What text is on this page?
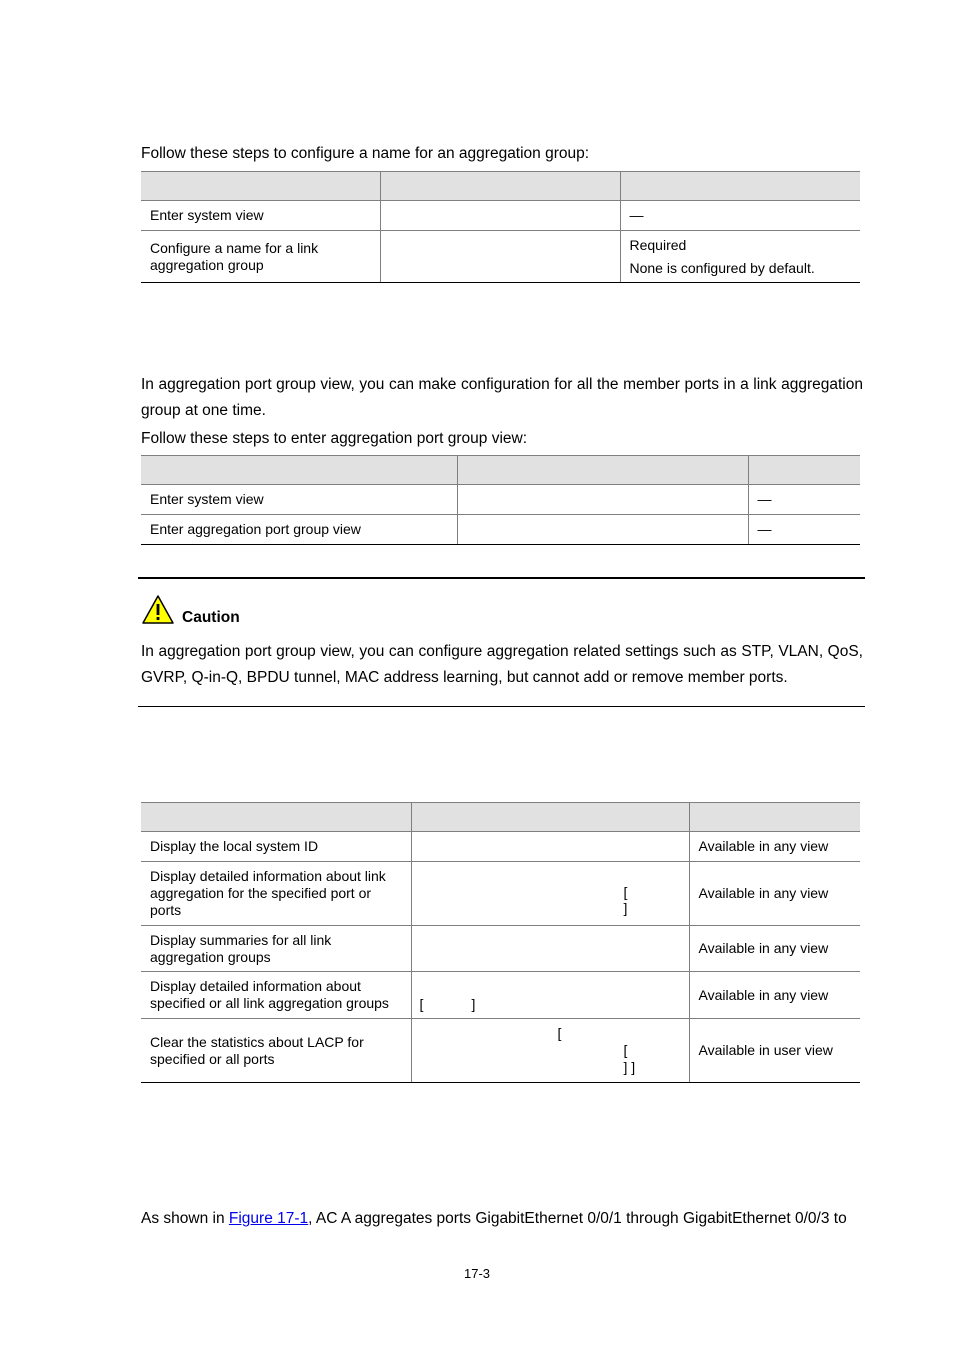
Follow these steps to configure a name for an aggregation group:

Enter system view		—
Configure a name for a link aggregation group		Required
None is configured by default.
In aggregation port group view, you can make configuration for all the member ports in a link aggregation group at one time.
Follow these steps to enter aggregation port group view:

Enter system view		—
Enter aggregation port group view		—
Caution
In aggregation port group view, you can configure aggregation related settings such as STP, VLAN, QoS, GVRP, Q-in-Q, BPDU tunnel, MAC address learning, but cannot add or remove member ports.

Display the local system ID		Available in any view
Display detailed information about link aggregation for the specified port or ports	[
]	Available in any view
Display summaries for all link aggregation groups		Available in any view
Display detailed information about specified or all link aggregation groups	[ ]	Available in any view
Clear the statistics about LACP for specified or all ports	[
[
] ]	Available in user view
As shown in Figure 17-1, AC A aggregates ports GigabitEthernet 0/0/1 through GigabitEthernet 0/0/3 to
17-3
